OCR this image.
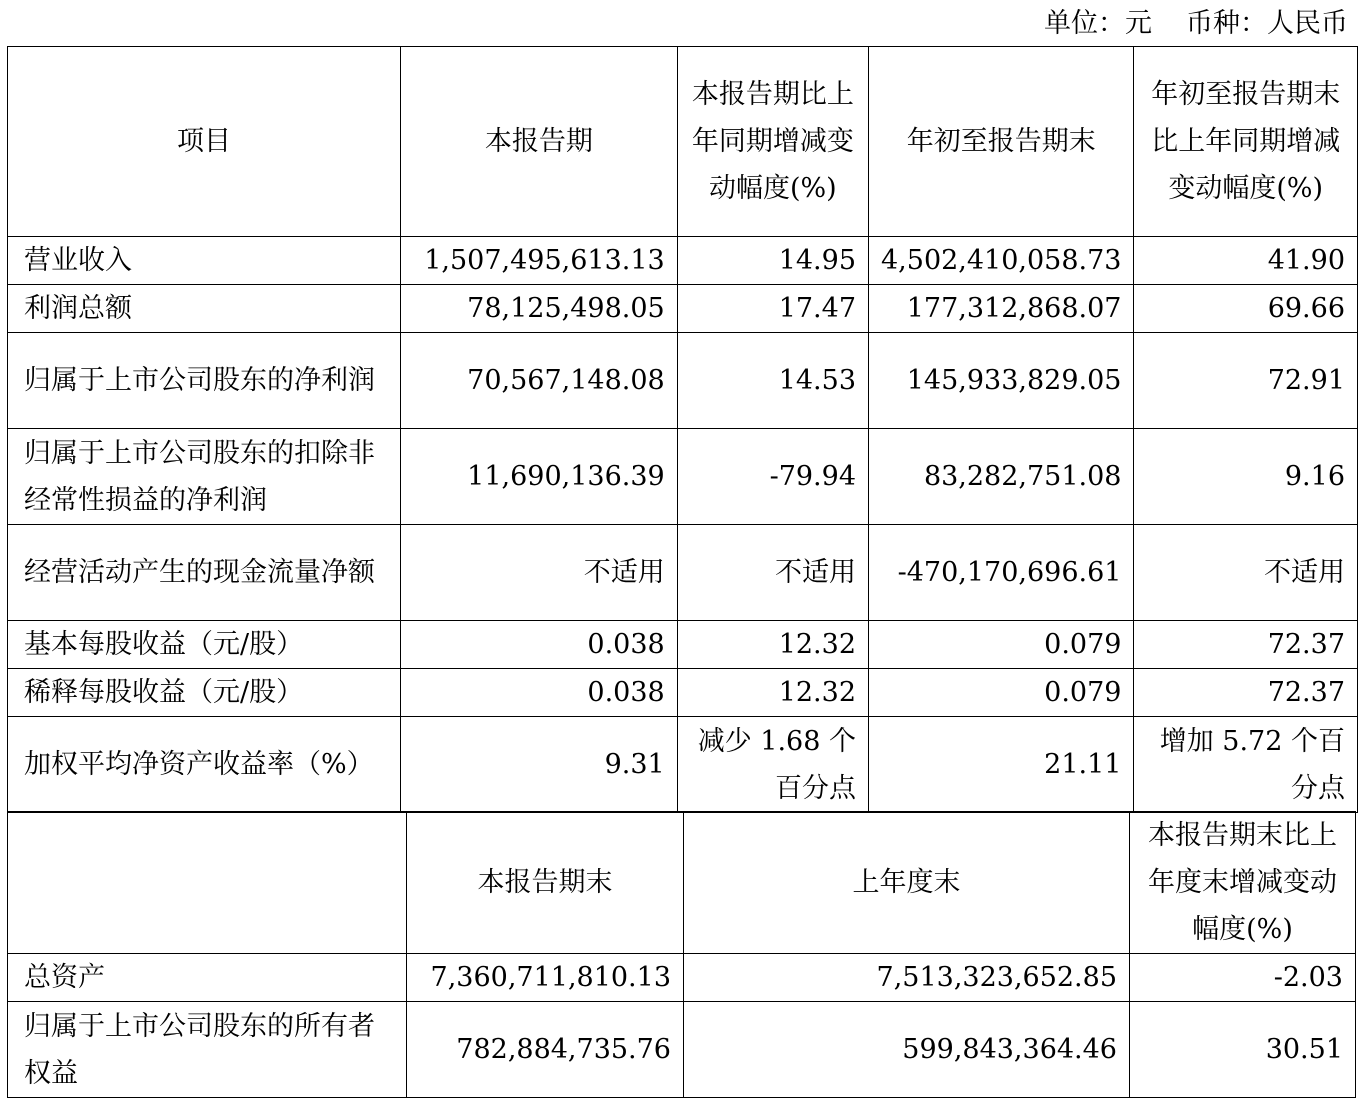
单位：元 币种：人民币
项目	本报告期	本报告期比上年同期增减变动幅度(%)	年初至报告期末	年初至报告期末比上年同期增减变动幅度(%)
营业收入	1,507,495,613.13	14.95	4,502,410,058.73	41.90
利润总额	78,125,498.05	17.47	177,312,868.07	69.66
归属于上市公司股东的净利润	70,567,148.08	14.53	145,933,829.05	72.91
归属于上市公司股东的扣除非经常性损益的净利润	11,690,136.39	-79.94	83,282,751.08	9.16
经营活动产生的现金流量净额	不适用	不适用	-470,170,696.61	不适用
基本每股收益（元/股）	0.038	12.32	0.079	72.37
稀释每股收益（元/股）	0.038	12.32	0.079	72.37
加权平均净资产收益率（%）	9.31	减少 1.68 个百分点	21.11	增加 5.72 个百分点
	本报告期末	上年度末	本报告期末比上年度末增减变动幅度(%)
总资产	7,360,711,810.13	7,513,323,652.85	-2.03
归属于上市公司股东的所有者权益	782,884,735.76	599,843,364.46	30.51
